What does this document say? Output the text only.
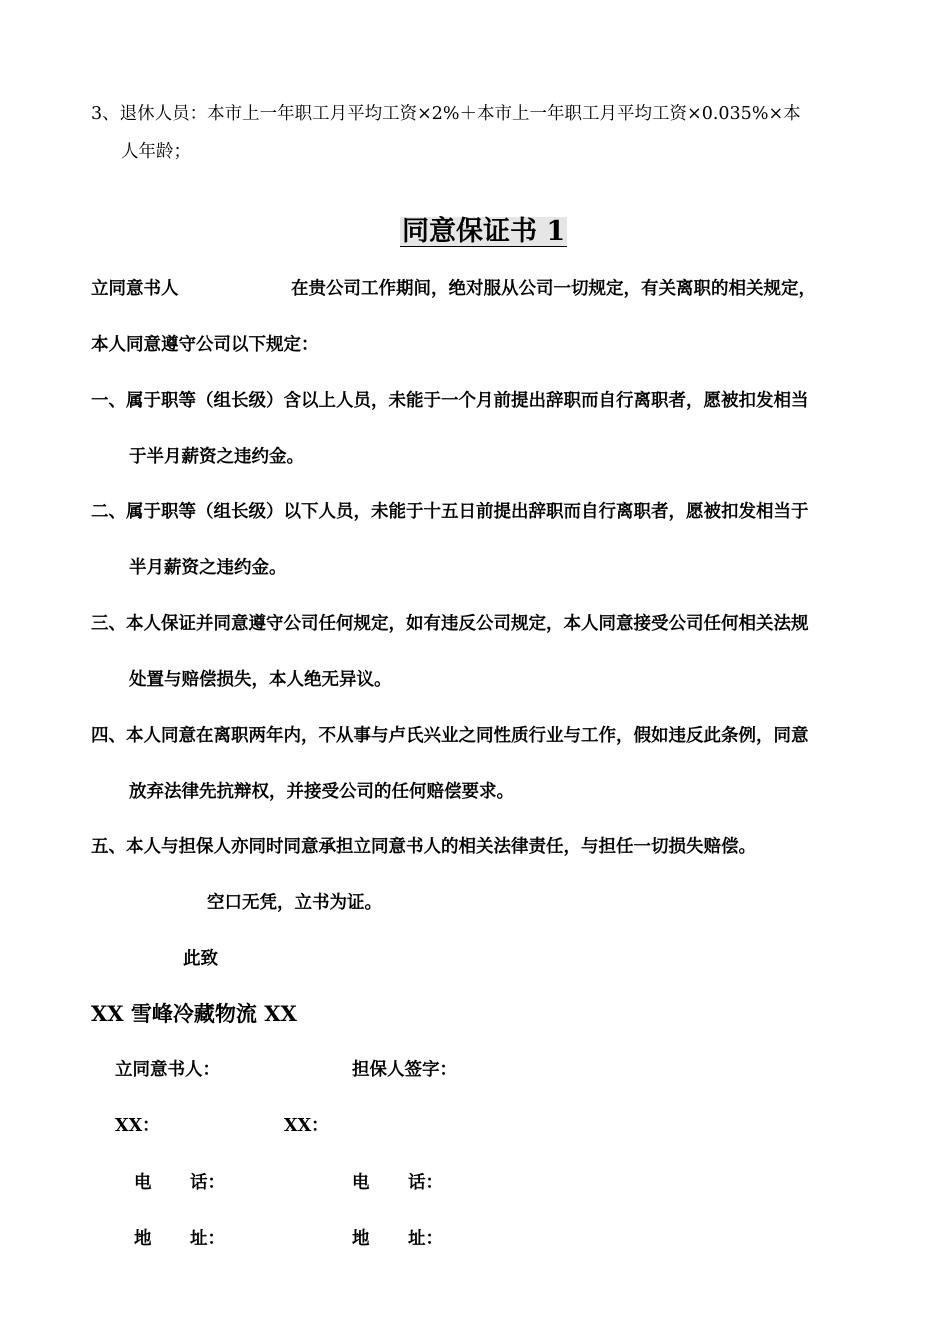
3、退休人员：本市上一年职工月平均工资×2%＋本市上一年职工月平均工资×0.035%×本
人年龄；
同意保证书 1
立同意书人	在贵公司工作期间，绝对服从公司一切规定，有关离职的相关规定，
本人同意遵守公司以下规定：
一、属于职等（组长级）含以上人员，未能于一个月前提出辞职而自行离职者，愿被扣发相当
于半月薪资之违约金。
二、属于职等（组长级）以下人员，未能于十五日前提出辞职而自行离职者，愿被扣发相当于
半月薪资之违约金。
三、本人保证并同意遵守公司任何规定，如有违反公司规定，本人同意接受公司任何相关法规
处置与赔偿损失，本人绝无异议。
四、本人同意在离职两年内，不从事与卢氏兴业之同性质行业与工作，假如违反此条例，同意
放弃法律先抗辩权，并接受公司的任何赔偿要求。
五、本人与担保人亦同时同意承担立同意书人的相关法律责任，与担任一切损失赔偿。
空口无凭，立书为证。
此致
XX 雪峰冷藏物流 XX
立同意书人：
XX：
电 话：
地 址：
担保人签字：
XX：
电 话：
地 址：
